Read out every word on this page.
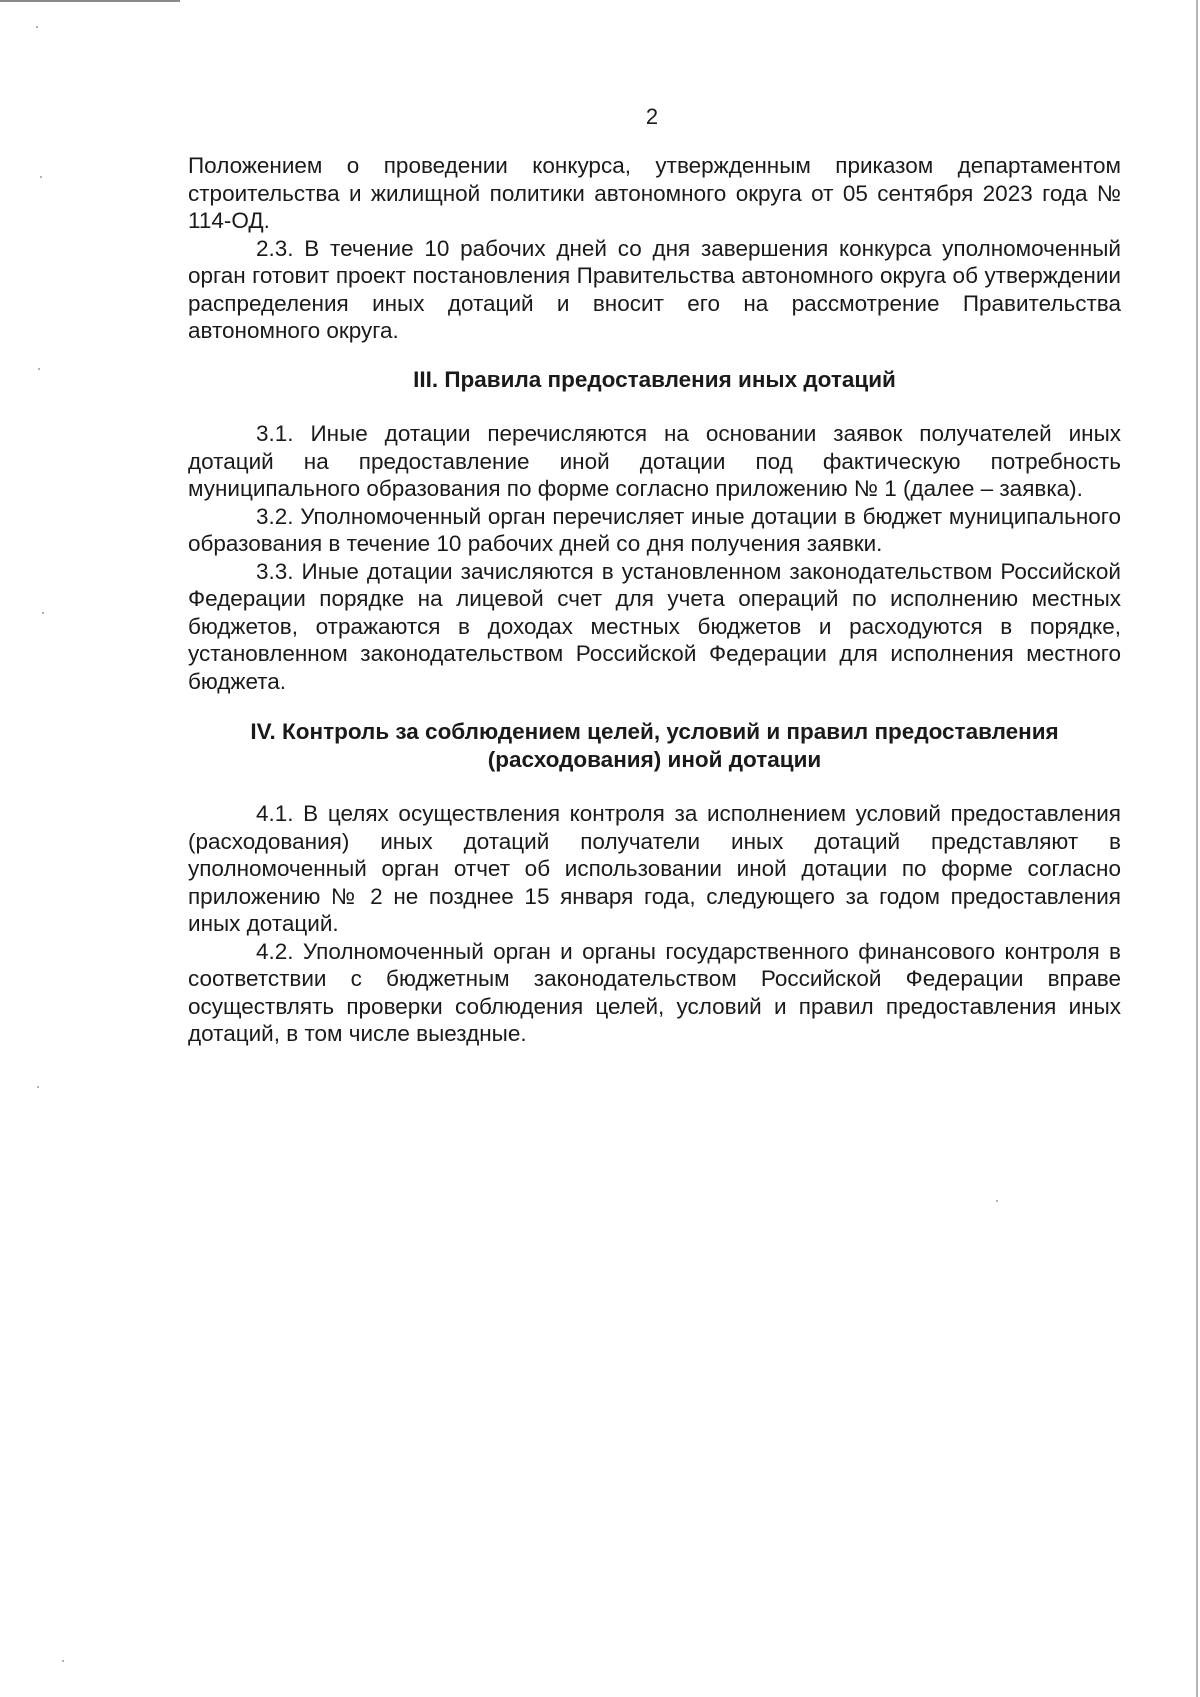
2

Положением о проведении конкурса, утвержденным приказом департаментом строительства и жилищной политики автономного округа от 05 сентября 2023 года № 114-ОД.

2.3. В течение 10 рабочих дней со дня завершения конкурса уполномоченный орган готовит проект постановления Правительства автономного округа об утверждении распределения иных дотаций и вносит его на рассмотрение Правительства автономного округа.

III. Правила предоставления иных дотаций

3.1. Иные дотации перечисляются на основании заявок получателей иных дотаций на предоставление иной дотации под фактическую потребность муниципального образования по форме согласно приложению № 1 (далее – заявка).

3.2. Уполномоченный орган перечисляет иные дотации в бюджет муниципального образования в течение 10 рабочих дней со дня получения заявки.

3.3. Иные дотации зачисляются в установленном законодательством Российской Федерации порядке на лицевой счет для учета операций по исполнению местных бюджетов, отражаются в доходах местных бюджетов и расходуются в порядке, установленном законодательством Российской Федерации для исполнения местного бюджета.

IV. Контроль за соблюдением целей, условий и правил предоставления
(расходования) иной дотации

4.1. В целях осуществления контроля за исполнением условий предоставления (расходования) иных дотаций получатели иных дотаций представляют в уполномоченный орган отчет об использовании иной дотации по форме согласно приложению № 2 не позднее 15 января года, следующего за годом предоставления иных дотаций.

4.2. Уполномоченный орган и органы государственного финансового контроля в соответствии с бюджетным законодательством Российской Федерации вправе осуществлять проверки соблюдения целей, условий и правил предоставления иных дотаций, в том числе выездные.
